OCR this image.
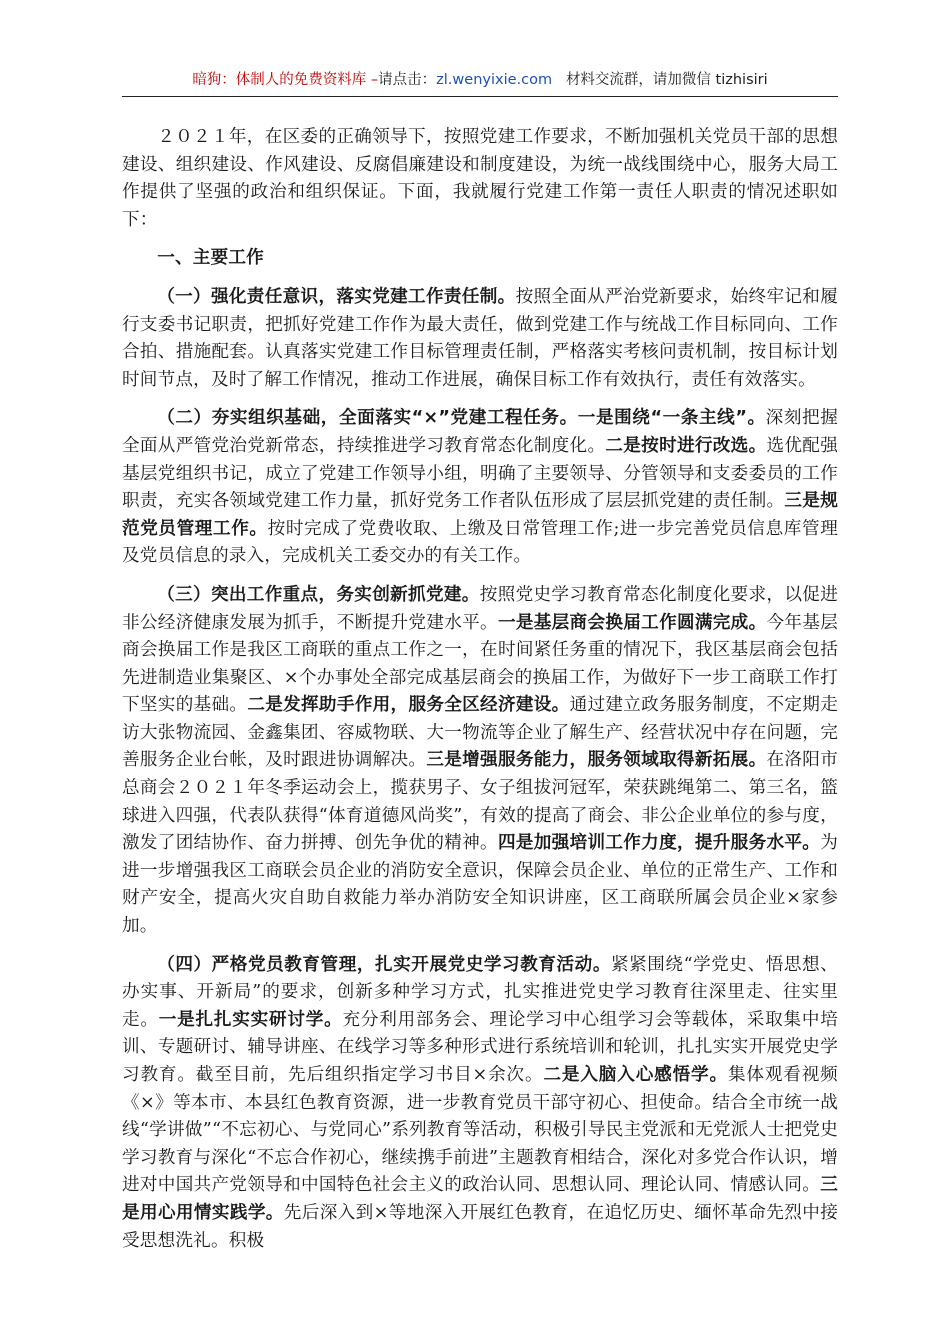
暗狗：体制人的免费资料库 –请点击：zl.wenyixie.com 材料交流群，请加微信 tizhisiri

２０２１年，在区委的正确领导下，按照党建工作要求，不断加强机关党员干部的思想建设、组织建设、作风建设、反腐倡廉建设和制度建设，为统一战线围绕中心，服务大局工作提供了坚强的政治和组织保证。下面，我就履行党建工作第一责任人职责的情况述职如下：

一、主要工作

（一）强化责任意识，落实党建工作责任制。按照全面从严治党新要求，始终牢记和履行支委书记职责，把抓好党建工作作为最大责任，做到党建工作与统战工作目标同向、工作合拍、措施配套。认真落实党建工作目标管理责任制，严格落实考核问责机制，按目标计划时间节点，及时了解工作情况，推动工作进展，确保目标工作有效执行，责任有效落实。

（二）夯实组织基础，全面落实“×”党建工程任务。一是围绕“一条主线”。深刻把握全面从严管党治党新常态，持续推进学习教育常态化制度化。二是按时进行改选。选优配强基层党组织书记，成立了党建工作领导小组，明确了主要领导、分管领导和支委委员的工作职责，充实各领域党建工作力量，抓好党务工作者队伍形成了层层抓党建的责任制。三是规范党员管理工作。按时完成了党费收取、上缴及日常管理工作;进一步完善党员信息库管理及党员信息的录入，完成机关工委交办的有关工作。

（三）突出工作重点，务实创新抓党建。按照党史学习教育常态化制度化要求，以促进非公经济健康发展为抓手，不断提升党建水平。一是基层商会换届工作圆满完成。今年基层商会换届工作是我区工商联的重点工作之一，在时间紧任务重的情况下，我区基层商会包括先进制造业集聚区、×个办事处全部完成基层商会的换届工作，为做好下一步工商联工作打下坚实的基础。二是发挥助手作用，服务全区经济建设。通过建立政务服务制度，不定期走访大张物流园、金鑫集团、容威物联、大一物流等企业了解生产、经营状况中存在问题，完善服务企业台帐，及时跟进协调解决。三是增强服务能力，服务领域取得新拓展。在洛阳市总商会２０２１年冬季运动会上，揽获男子、女子组拔河冠军，荣获跳绳第二、第三名，篮球进入四强，代表队获得“体育道德风尚奖”，有效的提高了商会、非公企业单位的参与度，激发了团结协作、奋力拼搏、创先争优的精神。四是加强培训工作力度，提升服务水平。为进一步增强我区工商联会员企业的消防安全意识，保障会员企业、单位的正常生产、工作和财产安全，提高火灾自助自救能力举办消防安全知识讲座，区工商联所属会员企业×家参加。

（四）严格党员教育管理，扎实开展党史学习教育活动。紧紧围绕“学党史、悟思想、办实事、开新局”的要求，创新多种学习方式，扎实推进党史学习教育往深里走、往实里走。一是扎扎实实研讨学。充分利用部务会、理论学习中心组学习会等载体，采取集中培训、专题研讨、辅导讲座、在线学习等多种形式进行系统培训和轮训，扎扎实实开展党史学习教育。截至目前，先后组织指定学习书目×余次。二是入脑入心感悟学。集体观看视频《×》等本市、本县红色教育资源，进一步教育党员干部守初心、担使命。结合全市统一战线“学讲做”“不忘初心、与党同心”系列教育等活动，积极引导民主党派和无党派人士把党史学习教育与深化“不忘合作初心，继续携手前进”主题教育相结合，深化对多党合作认识，增进对中国共产党领导和中国特色社会主义的政治认同、思想认同、理论认同、情感认同。三是用心用情实践学。先后深入到×等地深入开展红色教育，在追忆历史、缅怀革命先烈中接受思想洗礼。积极
